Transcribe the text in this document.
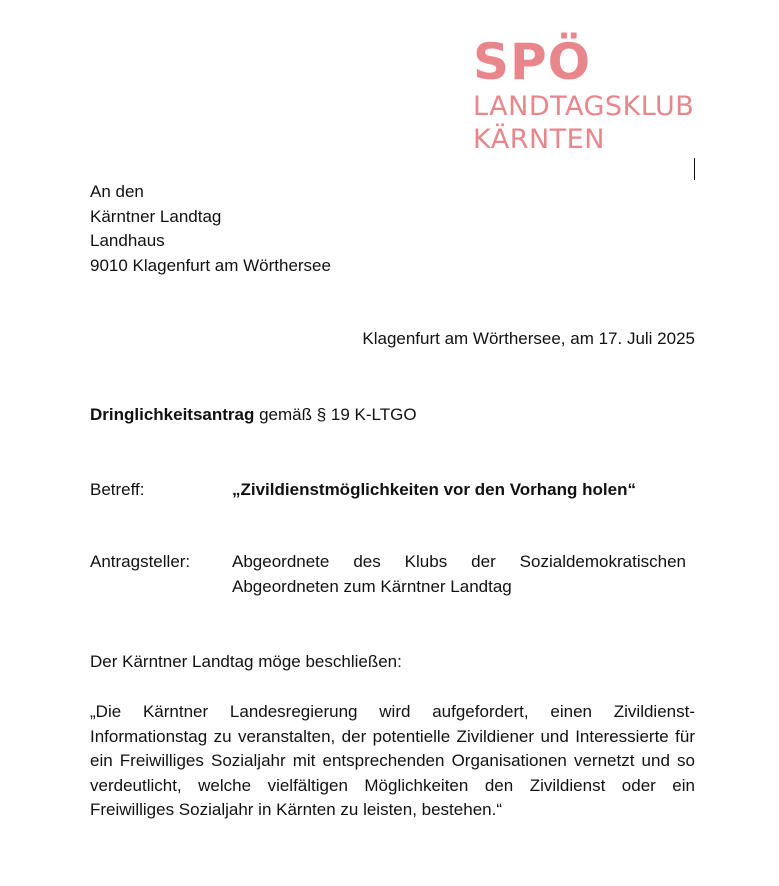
SPÖ

LANDTAGSKLUB

KÄRNTEN

An den
Kärntner Landtag
Landhaus
9010 Klagenfurt am Wörthersee
Klagenfurt am Wörthersee, am 17. Juli 2025
Dringlichkeitsantrag gemäß § 19 K-LTGO
Betreff:	„Zivildienstmöglichkeiten vor den Vorhang holen“
Antragsteller: Abgeordnete des Klubs der Sozialdemokratischen Abgeordneten zum Kärntner Landtag
Der Kärntner Landtag möge beschließen:
„Die Kärntner Landesregierung wird aufgefordert, einen Zivildienst-Informationstag zu veranstalten, der potentielle Zivildiener und Interessierte für ein Freiwilliges Sozialjahr mit entsprechenden Organisationen vernetzt und so verdeutlicht, welche vielfältigen Möglichkeiten den Zivildienst oder ein Freiwilliges Sozialjahr in Kärnten zu leisten, bestehen.“
